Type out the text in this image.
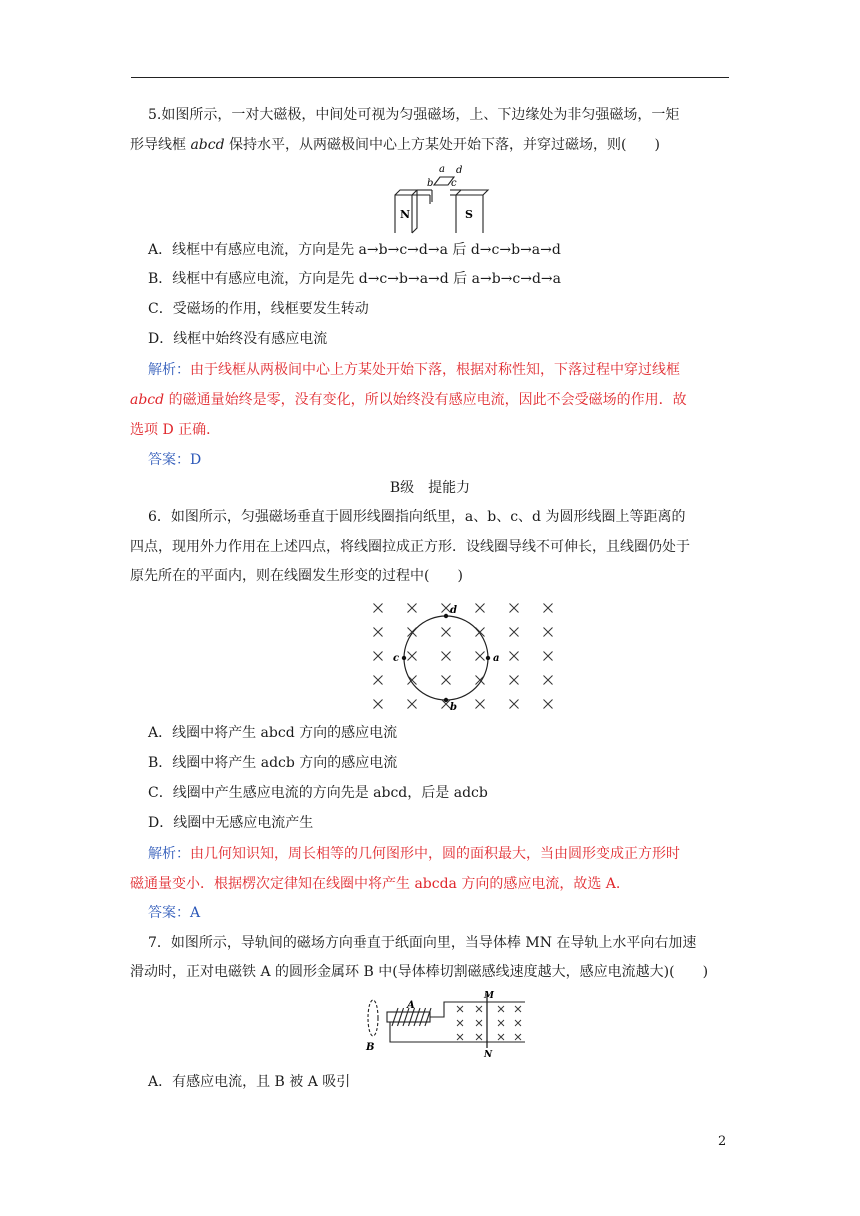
5.如图所示，一对大磁极，中间处可视为匀强磁场，上、下边缘处为非匀强磁场，一矩
形导线框 abcd 保持水平，从两磁极间中心上方某处开始下落，并穿过磁场，则(　　)
N	S
a
b c
d
A．线框中有感应电流，方向是先 a→b→c→d→a 后 d→c→b→a→d
B．线框中有感应电流，方向是先 d→c→b→a→d 后 a→b→c→d→a
C．受磁场的作用，线框要发生转动
D．线框中始终没有感应电流
解析：由于线框从两极间中心上方某处开始下落，根据对称性知，下落过程中穿过线框
abcd 的磁通量始终是零，没有变化，所以始终没有感应电流，因此不会受磁场的作用．故
选项 D 正确．
答案：D
B级　提能力
6．如图所示，匀强磁场垂直于圆形线圈指向纸里，a、b、c、d 为圆形线圈上等距离的
四点，现用外力作用在上述四点，将线圈拉成正方形．设线圈导线不可伸长，且线圈仍处于
原先所在的平面内，则在线圈发生形变的过程中(　　)
a
b
c
d
A．线圈中将产生 abcd 方向的感应电流
B．线圈中将产生 adcb 方向的感应电流
C．线圈中产生感应电流的方向先是 abcd，后是 adcb
D．线圈中无感应电流产生
解析：由几何知识知，周长相等的几何图形中，圆的面积最大，当由圆形变成正方形时
磁通量变小．根据楞次定律知在线圈中将产生 abcda 方向的感应电流，故选 A.
答案：A
7．如图所示，导轨间的磁场方向垂直于纸面向里，当导体棒 MN 在导轨上水平向右加速
滑动时，正对电磁铁 A 的圆形金属环 B 中(导体棒切割磁感线速度越大，感应电流越大)(　　)
A
B
M
N
A．有感应电流，且 B 被 A 吸引
2
